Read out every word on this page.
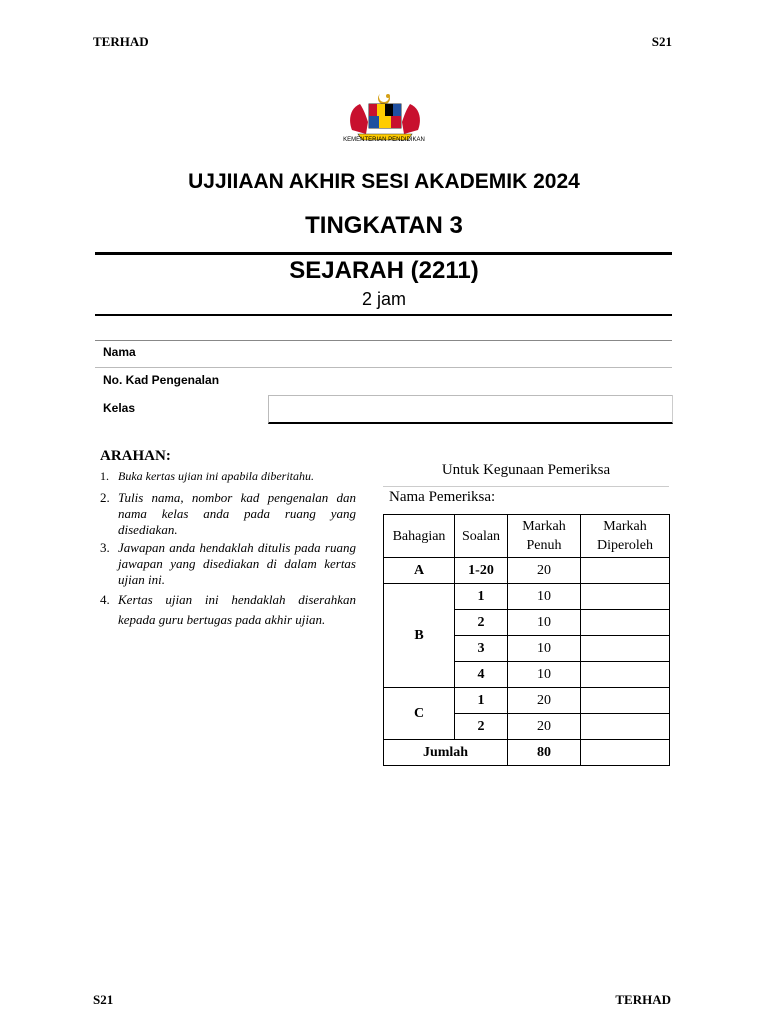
TERHAD	S21
KEMENTERIAN PENDIDIKAN
UJJIIAAN AKHIR SESI AKADEMIK 2024
TINGKATAN 3
SEJARAH (2211)
2 jam
Nama
No. Kad Pengenalan
Kelas
ARAHAN:
1. Buka kertas ujian ini apabila diberitahu.
2. Tulis nama, nombor kad pengenalan dan nama kelas anda pada ruang yang disediakan.
3. Jawapan anda hendaklah ditulis pada ruang jawapan yang disediakan di dalam kertas ujian ini.
4. Kertas ujian ini hendaklah diserahkan kepada guru bertugas pada akhir ujian.
Untuk Kegunaan Pemeriksa
Nama Pemeriksa:
Bahagian	Soalan	Markah Penuh	Markah Diperoleh
A	1-20	20	
B	1	10	
	2	10	
	3	10	
	4	10	
C	1	20	
	2	20	
Jumlah		80	
S21	TERHAD
